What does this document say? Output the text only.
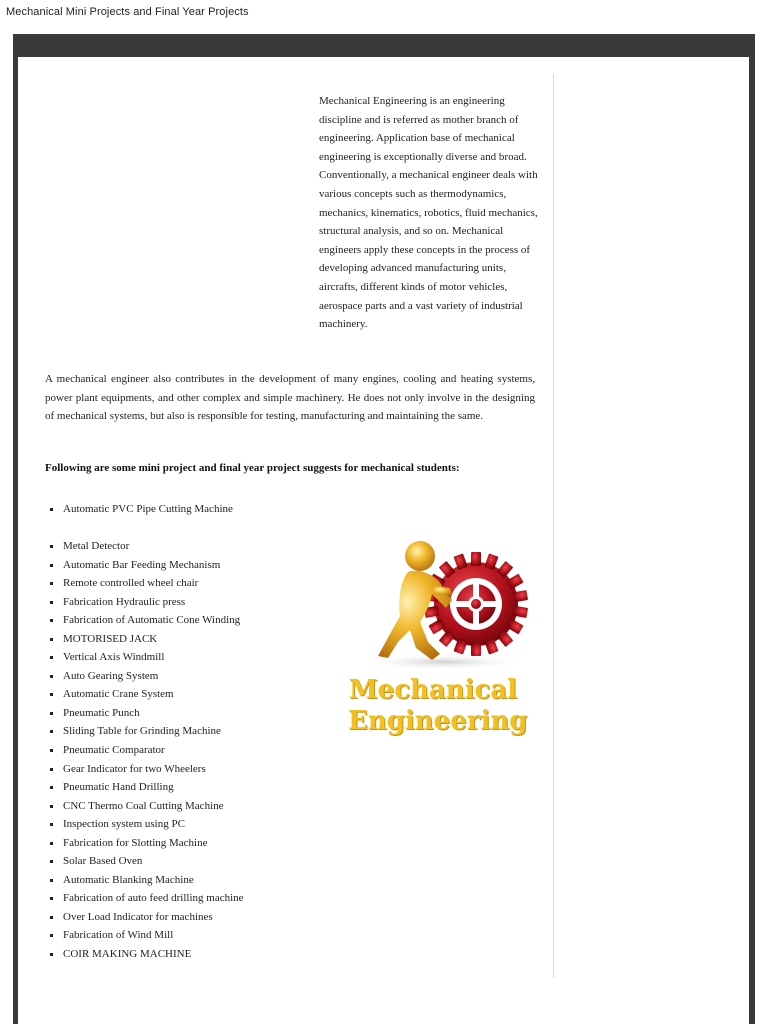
Mechanical Mini Projects and Final Year Projects
Mechanical Engineering is an engineering discipline and is referred as mother branch of engineering. Application base of mechanical engineering is exceptionally diverse and broad. Conventionally, a mechanical engineer deals with various concepts such as thermodynamics, mechanics, kinematics, robotics, fluid mechanics, structural analysis, and so on. Mechanical engineers apply these concepts in the process of developing advanced manufacturing units, aircrafts, different kinds of motor vehicles, aerospace parts and a vast variety of industrial machinery.
A mechanical engineer also contributes in the development of many engines, cooling and heating systems, power plant equipments, and other complex and simple machinery. He does not only involve in the designing of mechanical systems, but also is responsible for testing, manufacturing and maintaining the same.
Following are some mini project and final year project suggests for mechanical students:
Automatic PVC Pipe Cutting Machine
Metal Detector
Automatic Bar Feeding Mechanism
Remote controlled wheel chair
Fabrication Hydraulic press
Fabrication of Automatic Cone Winding
MOTORISED JACK
Vertical Axis Windmill
Auto Gearing System
Automatic Crane System
Pneumatic Punch
Sliding Table for Grinding Machine
Pneumatic Comparator
Gear Indicator for two Wheelers
Pneumatic Hand Drilling
CNC Thermo Coal Cutting Machine
Inspection system using PC
Fabrication for Slotting Machine
Solar Based Oven
Automatic Blanking Machine
Fabrication of auto feed drilling machine
Over Load Indicator for machines
Fabrication of Wind Mill
COIR MAKING MACHINE
Mechanical
Engineering
